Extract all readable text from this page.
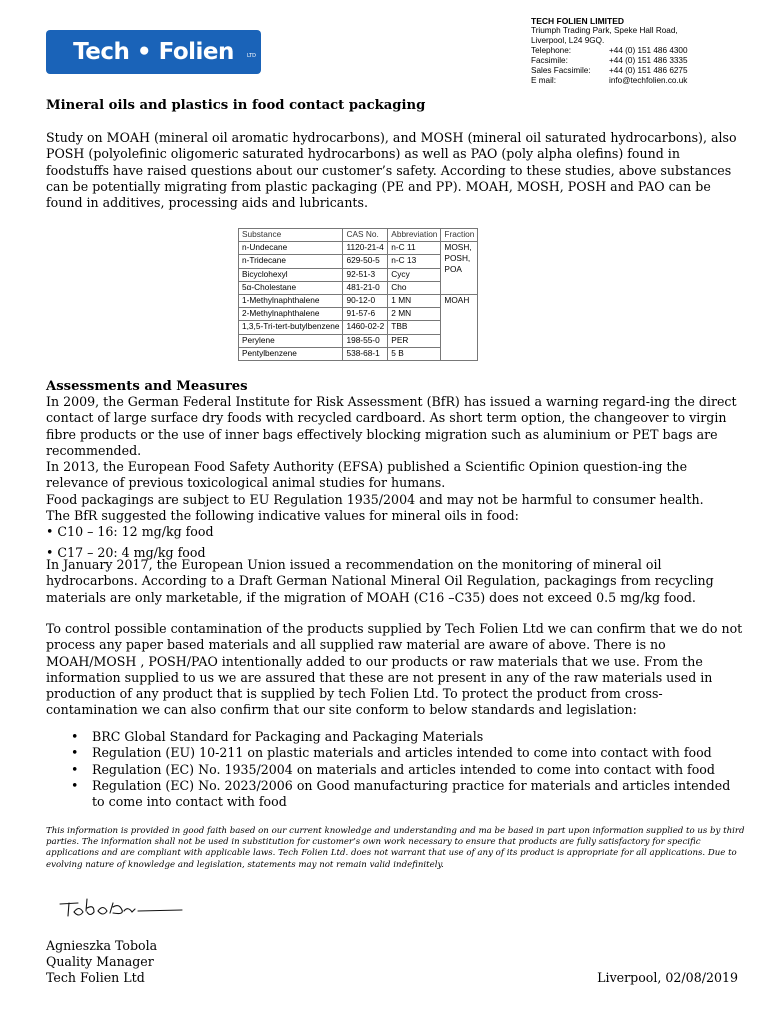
Tech • Folien	LTD
TECH FOLIEN LIMITED
Triumph Trading Park, Speke Hall Road,
Liverpool, L24 9GQ.
Telephone:	+44 (0) 151 486 4300
Facsimile:	+44 (0) 151 486 3335
Sales Facsimile:	+44 (0) 151 486 6275
E mail:	info@techfolien.co.uk
Mineral oils and plastics in food contact packaging

Study on MOAH (mineral oil aromatic hydrocarbons), and MOSH (mineral oil saturated hydrocarbons), also POSH (polyolefinic oligomeric saturated hydrocarbons) as well as PAO (poly alpha olefins) found in foodstuffs have raised questions about our customer’s safety. According to these studies, above substances can be potentially migrating from plastic packaging (PE and PP). MOAH, MOSH, POSH and PAO can be found in additives, processing aids and lubricants.

Substance	CAS No.	Abbreviation	Fraction
n-Undecane	1120-21-4	n-C 11	MOSH,
POSH,
POA

n-Tridecane	629-50-5	n-C 13	
Bicyclohexyl	92-51-3	Cycy	
5α-Cholestane	481-21-0	Cho	
1-Methylnaphthalene	90-12-0	1 MN	MOAH
2-Methylnaphthalene	91-57-6	2 MN	
1,3,5-Tri-tert-butylbenzene	1460-02-2	TBB	
Perylene	198-55-0	PER	
Pentylbenzene	538-68-1	5 B	
Assessments and Measures
In 2009, the German Federal Institute for Risk Assessment (BfR) has issued a warning regard-ing the direct contact of large surface dry foods with recycled cardboard. As short term option, the changeover to virgin fibre products or the use of inner bags effectively blocking migration such as aluminium or PET bags are recommended.
In 2013, the European Food Safety Authority (EFSA) published a Scientific Opinion question-ing the relevance of previous toxicological animal studies for humans.
Food packagings are subject to EU Regulation 1935/2004 and may not be harmful to consumer health.
The BfR suggested the following indicative values for mineral oils in food:
• C10 – 16: 12 mg/kg food
• C17 – 20: 4 mg/kg food

In January 2017, the European Union issued a recommendation on the monitoring of mineral oil hydrocarbons. According to a Draft German National Mineral Oil Regulation, packagings from recycling materials are only marketable, if the migration of MOAH (C16 –C35) does not exceed 0.5 mg/kg food.

To control possible contamination of the products supplied by Tech Folien Ltd we can confirm that we do not process any paper based materials and all supplied raw material are aware of above. There is no MOAH/MOSH , POSH/PAO intentionally added to our products or raw materials that we use. From the information supplied to us we are assured that these are not present in any of the raw materials used in production of any product that is supplied by tech Folien Ltd. To protect the product from cross-contamination we can also confirm that our site conform to below standards and legislation:

• BRC Global Standard for Packaging and Packaging Materials
• Regulation (EU) 10-211 on plastic materials and articles intended to come into contact with food
• Regulation (EC) No. 1935/2004 on materials and articles intended to come into contact with food
• Regulation (EC) No. 2023/2006 on Good manufacturing practice for materials and articles intended to come into contact with food

This information is provided in good faith based on our current knowledge and understanding and ma be based in part upon information supplied to us by third parties. The information shall not be used in substitution for customer’s own work necessary to ensure that products are fully satisfactory for specific applications and are compliant with applicable laws. Tech Folien Ltd. does not warrant that use of any of its product is appropriate for all applications. Due to evolving nature of knowledge and legislation, statements may not remain valid indefinitely.

Agnieszka Tobola
Quality Manager
Tech Folien Ltd	Liverpool, 02/08/2019
